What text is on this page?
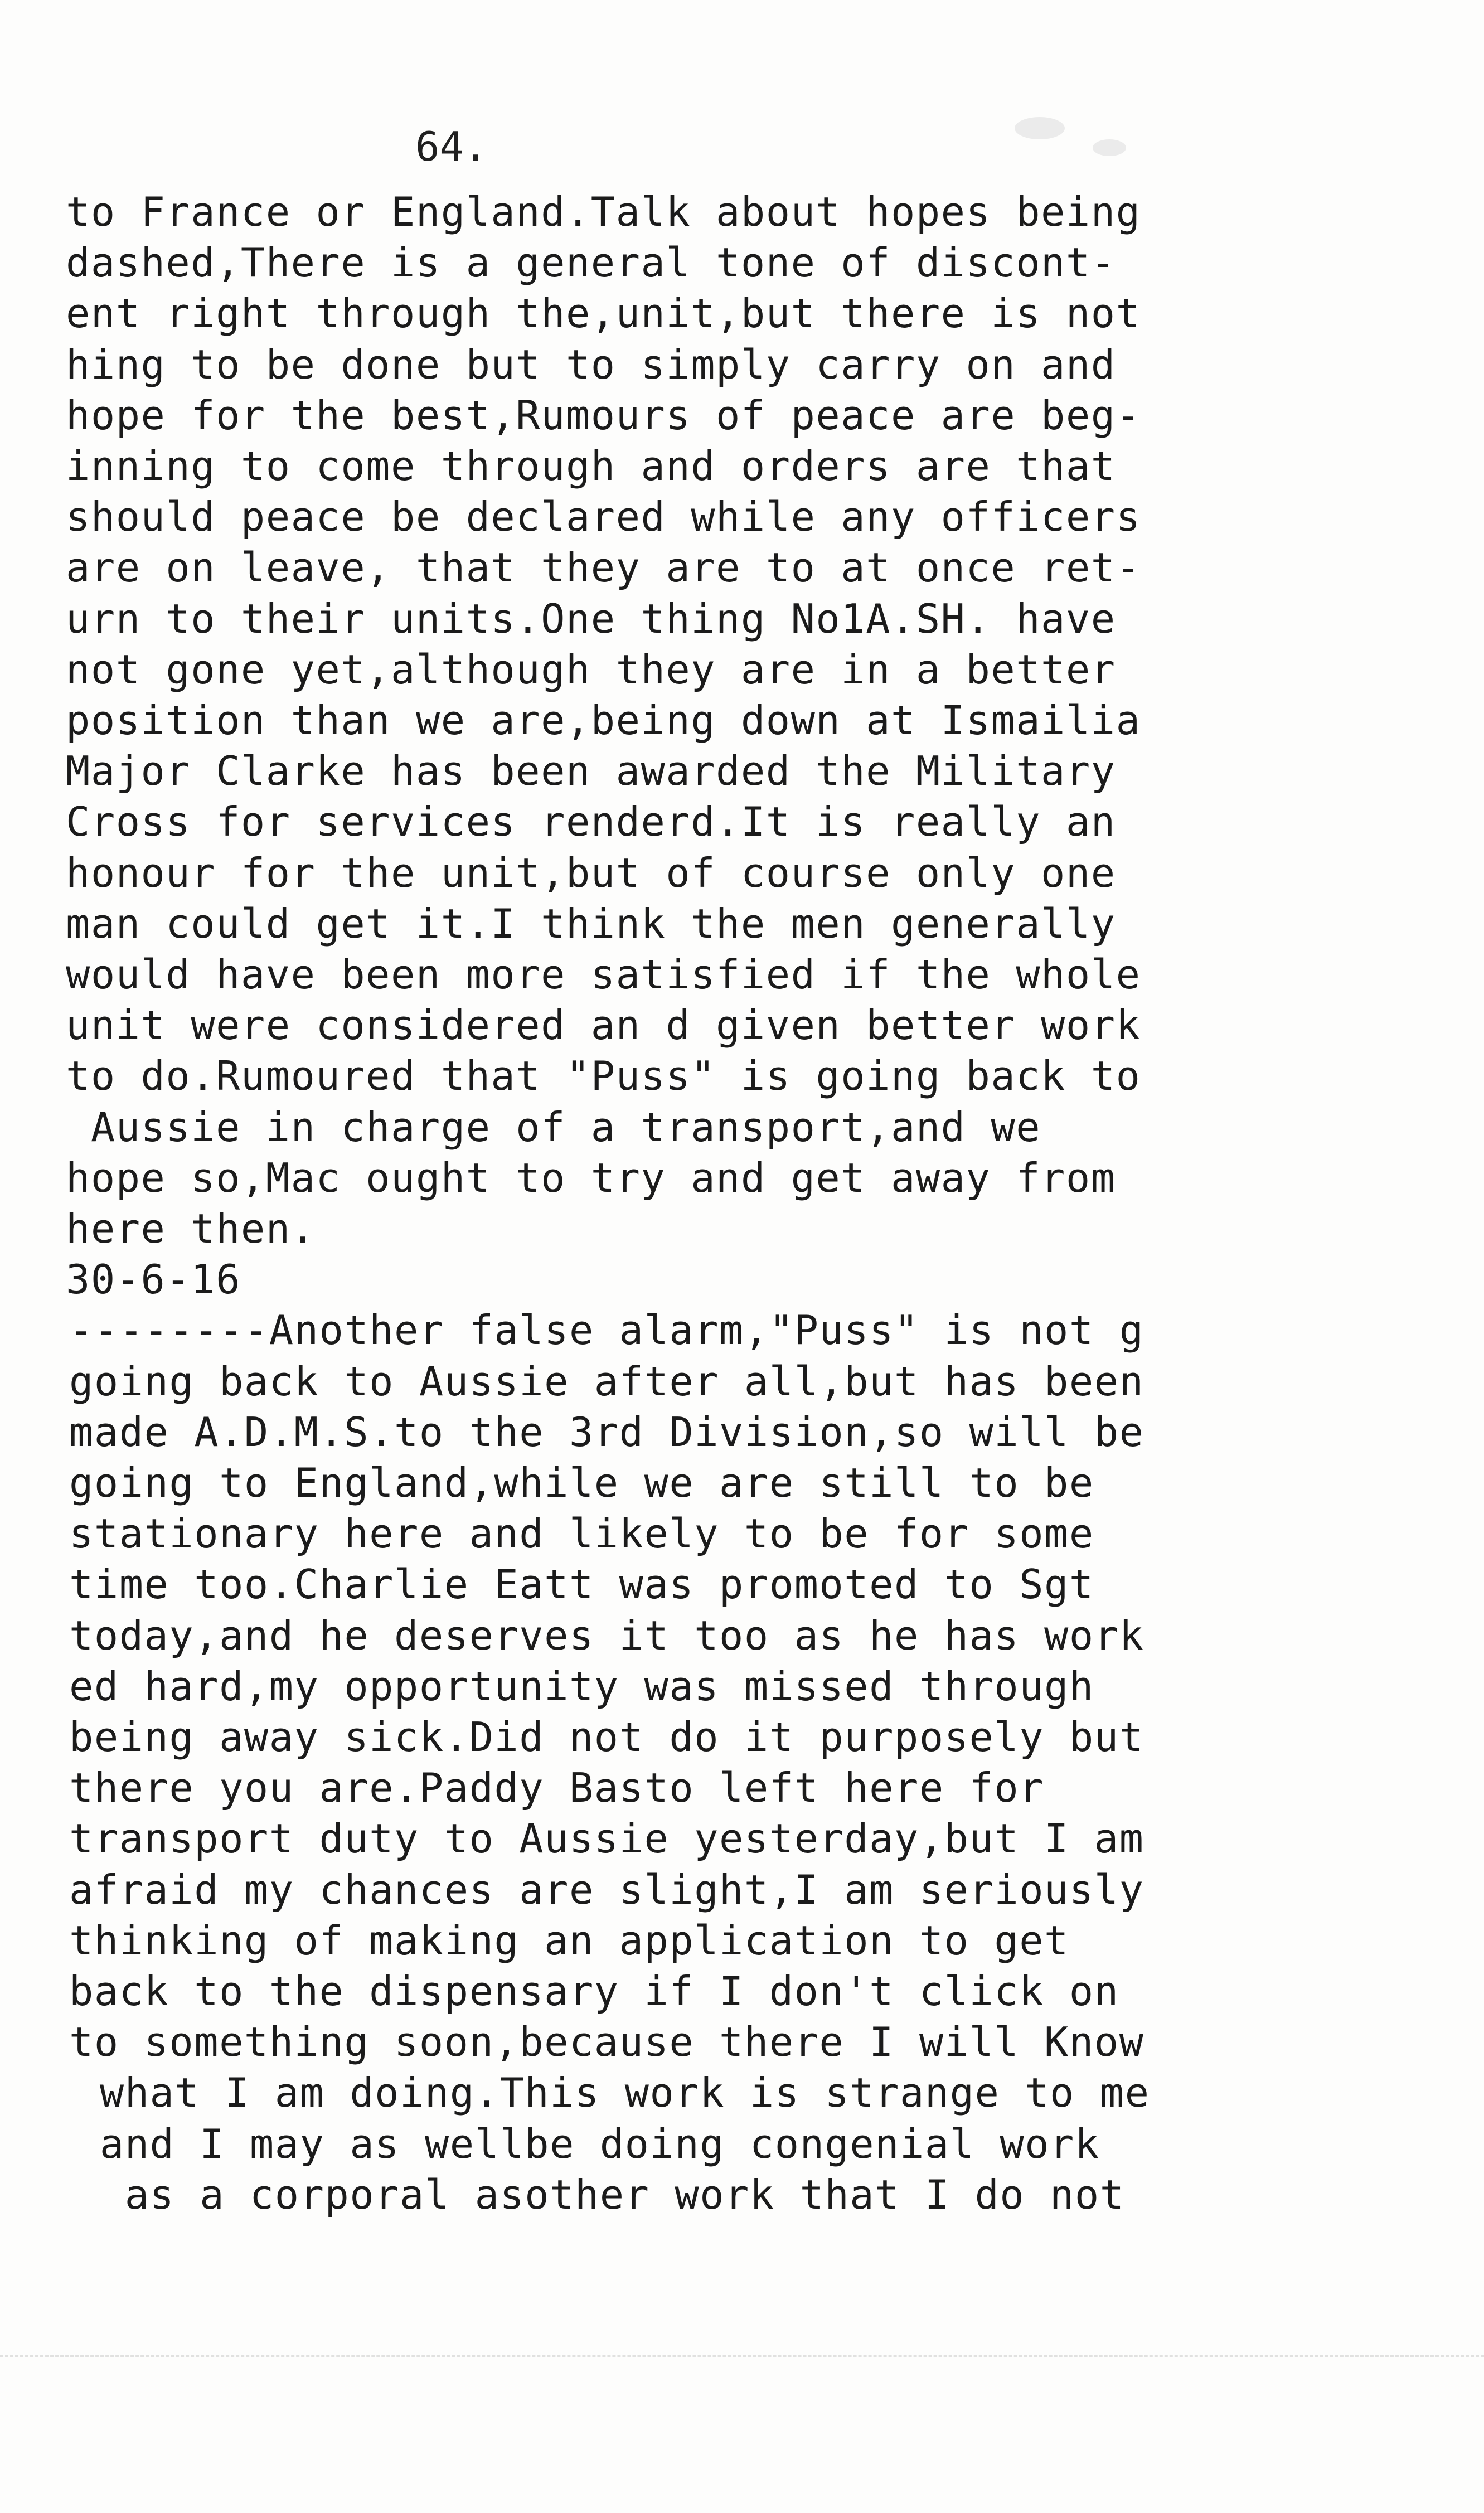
64.
to France or England.Talk about hopes being
dashed,There is a general tone of discont-
ent right through the,unit,but there is not
hing to be done but to simply carry on and
hope for the best,Rumours of peace are beg-
inning to come through and orders are that
should peace be declared while any officers
are on leave, that they are to at once ret-
urn to their units.One thing No1A.SH. have
not gone yet,although they are in a better
position than we are,being down at Ismailia
Major Clarke has been awarded the Military
Cross for services renderd.It is really an
honour for the unit,but of course only one
man could get it.I think the men generally
would have been more satisfied if the whole
unit were considered an d given better work
to do.Rumoured that "Puss" is going back to
Aussie in charge of a transport,and we
hope so,Mac ought to try and get away from
here then.
30-6-16
--------Another false alarm,"Puss" is not g
going back to Aussie after all,but has been
made A.D.M.S.to the 3rd Division,so will be
going to England,while we are still to be
stationary here and likely to be for some
time too.Charlie Eatt was promoted to Sgt
today,and he deserves it too as he has work
ed hard,my opportunity was missed through
being away sick.Did not do it purposely but
there you are.Paddy Basto left here for
transport duty to Aussie yesterday,but I am
afraid my chances are slight,I am seriously
thinking of making an application to get
back to the dispensary if I don't click on
to something soon,because there I will Know
what I am doing.This work is strange to me
and I may as wellbe doing congenial work
as a corporal asother work that I do not
